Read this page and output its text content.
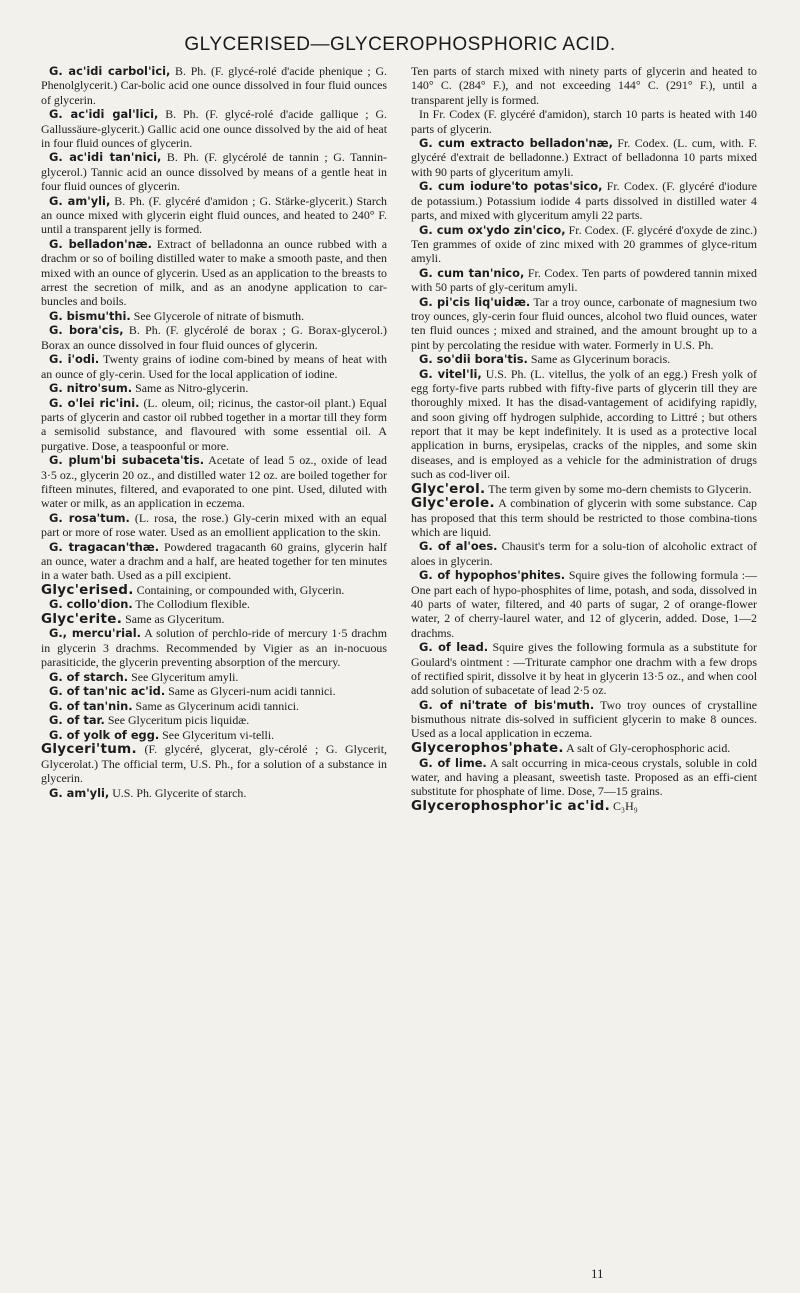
GLYCERISED—GLYCEROPHOSPHORIC ACID.

G. ac'idi carbol'ici, B. Ph. (F. glycé-rolé d'acide phenique ; G. Phenolglycerit.) Car-bolic acid one ounce dissolved in four fluid ounces of glycerin.

G. ac'idi gal'lici, B. Ph. (F. glycé-rolé d'acide gallique ; G. Gallussäure-glycerit.) Gallic acid one ounce dissolved by the aid of heat in four fluid ounces of glycerin.

G. ac'idi tan'nici, B. Ph. (F. glycérolé de tannin ; G. Tannin-glycerol.) Tannic acid an ounce dissolved by means of a gentle heat in four fluid ounces of glycerin.

G. am'yli, B. Ph. (F. glycéré d'amidon ; G. Stärke-glycerit.) Starch an ounce mixed with glycerin eight fluid ounces, and heated to 240° F. until a transparent jelly is formed.

G. belladon'næ. Extract of belladonna an ounce rubbed with a drachm or so of boiling distilled water to make a smooth paste, and then mixed with an ounce of glycerin. Used as an application to the breasts to arrest the secretion of milk, and as an anodyne application to car-buncles and boils.

G. bismu'thi. See Glycerole of nitrate of bismuth.

G. bora'cis, B. Ph. (F. glycérolé de borax ; G. Borax-glycerol.) Borax an ounce dissolved in four fluid ounces of glycerin.

G. i'odi. Twenty grains of iodine com-bined by means of heat with an ounce of gly-cerin. Used for the local application of iodine.

G. nitro'sum. Same as Nitro-glycerin.

G. o'lei ric'ini. (L. oleum, oil; ricinus, the castor-oil plant.) Equal parts of glycerin and castor oil rubbed together in a mortar till they form a semisolid substance, and flavoured with some essential oil. A purgative. Dose, a teaspoonful or more.

G. plum'bi subaceta'tis. Acetate of lead 5 oz., oxide of lead 3·5 oz., glycerin 20 oz., and distilled water 12 oz. are boiled together for fifteen minutes, filtered, and evaporated to one pint. Used, diluted with water or milk, as an application in eczema.

G. rosa'tum. (L. rosa, the rose.) Gly-cerin mixed with an equal part or more of rose water. Used as an emollient application to the skin.

G. tragacan'thæ. Powdered tragacanth 60 grains, glycerin half an ounce, water a drachm and a half, are heated together for ten minutes in a water bath. Used as a pill excipient.

Glyc'erised. Containing, or compounded with, Glycerin.

G. collo'dion. The Collodium flexible.

Glyc'erite. Same as Glyceritum.

G., mercu'rial. A solution of perchlo-ride of mercury 1·5 drachm in glycerin 3 drachms. Recommended by Vigier as an in-nocuous parasiticide, the glycerin preventing absorption of the mercury.

G. of starch. See Glyceritum amyli.

G. of tan'nic ac'id. Same as Glyceri-num acidi tannici.

G. of tan'nin. Same as Glycerinum acidi tannici.

G. of tar. See Glyceritum picis liquidæ.

G. of yolk of egg. See Glyceritum vi-telli.

Glyceri'tum. (F. glycéré, glycerat, gly-cérolé ; G. Glycerit, Glycerolat.) The official term, U.S. Ph., for a solution of a substance in glycerin.

G. am'yli, U.S. Ph. Glycerite of starch.

Ten parts of starch mixed with ninety parts of glycerin and heated to 140° C. (284° F.), and not exceeding 144° C. (291° F.), until a transparent jelly is formed.

In Fr. Codex (F. glycéré d'amidon), starch 10 parts is heated with 140 parts of glycerin.

G. cum extracto belladon'næ, Fr. Codex. (L. cum, with. F. glycéré d'extrait de belladonne.) Extract of belladonna 10 parts mixed with 90 parts of glyceritum amyli.

G. cum iodure'to potas'sico, Fr. Codex. (F. glycéré d'iodure de potassium.) Potassium iodide 4 parts dissolved in distilled water 4 parts, and mixed with glyceritum amyli 22 parts.

G. cum ox'ydo zin'cico, Fr. Codex. (F. glycéré d'oxyde de zinc.) Ten grammes of oxide of zinc mixed with 20 grammes of glyce-ritum amyli.

G. cum tan'nico, Fr. Codex. Ten parts of powdered tannin mixed with 50 parts of gly-ceritum amyli.

G. pi'cis liq'uidæ. Tar a troy ounce, carbonate of magnesium two troy ounces, gly-cerin four fluid ounces, alcohol two fluid ounces, water ten fluid ounces ; mixed and strained, and the amount brought up to a pint by percolating the residue with water. Formerly in U.S. Ph.

G. so'dii bora'tis. Same as Glycerinum boracis.

G. vitel'li, U.S. Ph. (L. vitellus, the yolk of an egg.) Fresh yolk of egg forty-five parts rubbed with fifty-five parts of glycerin till they are thoroughly mixed. It has the disad-vantagement of acidifying rapidly, and soon giving off hydrogen sulphide, according to Littré ; but others report that it may be kept indefinitely. It is used as a protective local application in burns, erysipelas, cracks of the nipples, and some skin diseases, and is employed as a vehicle for the administration of drugs such as cod-liver oil.

Glyc'erol. The term given by some mo-dern chemists to Glycerin.

Glyc'erole. A combination of glycerin with some substance. Cap has proposed that this term should be restricted to those combina-tions which are liquid.

G. of al'oes. Chausit's term for a solu-tion of alcoholic extract of aloes in glycerin.

G. of hypophos'phites. Squire gives the following formula :—One part each of hypo-phosphites of lime, potash, and soda, dissolved in 40 parts of water, filtered, and 40 parts of sugar, 2 of orange-flower water, 2 of cherry-laurel water, and 12 of glycerin, added. Dose, 1—2 drachms.

G. of lead. Squire gives the following formula as a substitute for Goulard's ointment : —Triturate camphor one drachm with a few drops of rectified spirit, dissolve it by heat in glycerin 13·5 oz., and when cool add solution of subacetate of lead 2·5 oz.

G. of ni'trate of bis'muth. Two troy ounces of crystalline bismuthous nitrate dis-solved in sufficient glycerin to make 8 ounces. Used as a local application in eczema.

Glycerophos'phate. A salt of Gly-cerophosphoric acid.

G. of lime. A salt occurring in mica-ceous crystals, soluble in cold water, and having a pleasant, sweetish taste. Proposed as an effi-cient substitute for phosphate of lime. Dose, 7—15 grains.

Glycerophosphor'ic ac'id. C₃H₉

11
